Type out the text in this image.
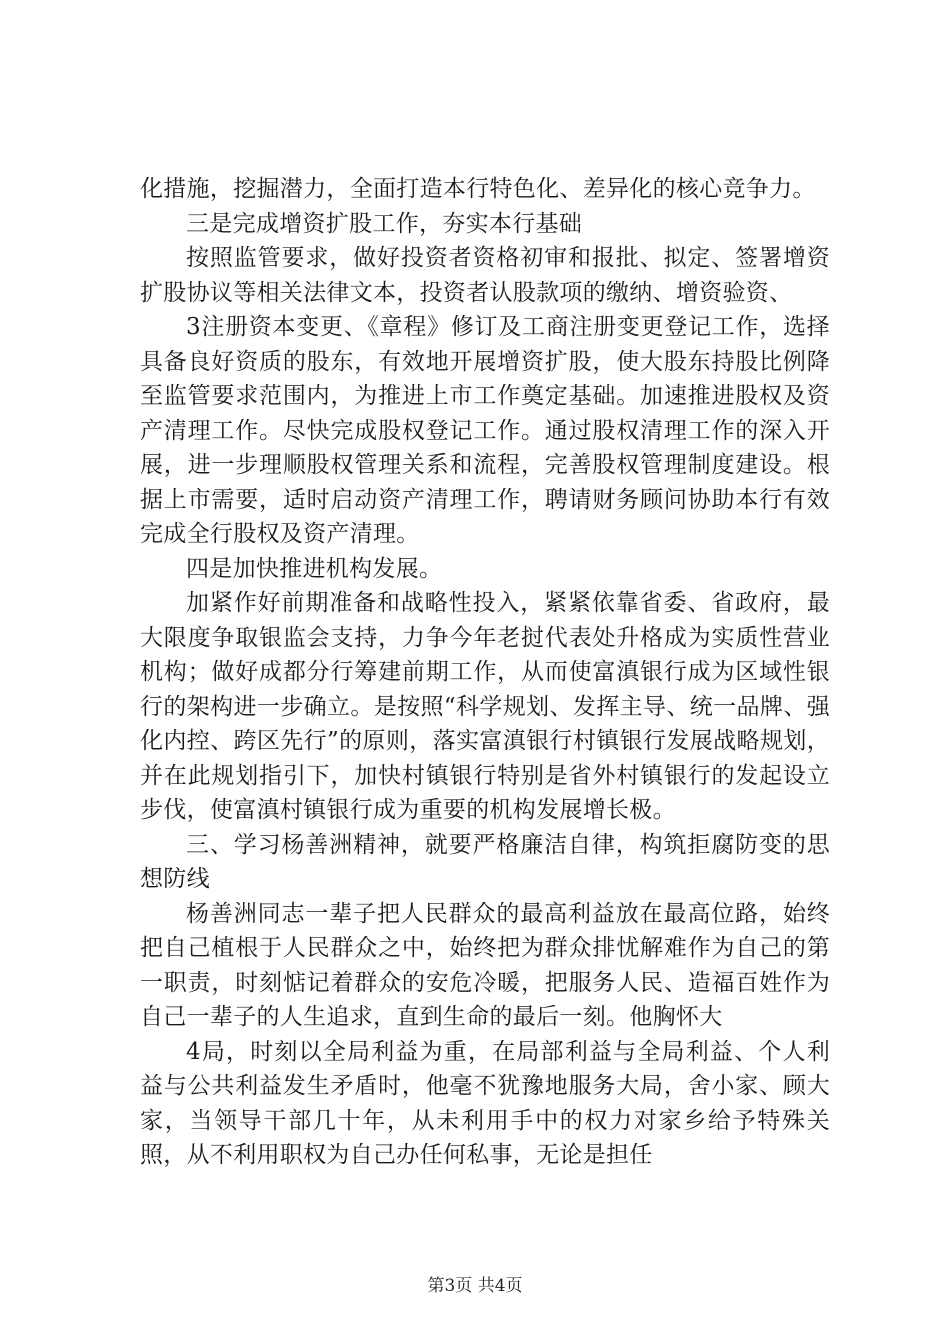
化措施，挖掘潜力，全面打造本行特色化、差异化的核心竞争力。

三是完成增资扩股工作，夯实本行基础

按照监管要求，做好投资者资格初审和报批、拟定、签署增资扩股协议等相关法律文本，投资者认股款项的缴纳、增资验资、

3注册资本变更、《章程》修订及工商注册变更登记工作，选择具备良好资质的股东，有效地开展增资扩股，使大股东持股比例降至监管要求范围内，为推进上市工作奠定基础。加速推进股权及资产清理工作。尽快完成股权登记工作。通过股权清理工作的深入开展，进一步理顺股权管理关系和流程，完善股权管理制度建设。根据上市需要，适时启动资产清理工作，聘请财务顾问协助本行有效完成全行股权及资产清理。

四是加快推进机构发展。

加紧作好前期准备和战略性投入，紧紧依靠省委、省政府，最大限度争取银监会支持，力争今年老挝代表处升格成为实质性营业机构；做好成都分行筹建前期工作，从而使富滇银行成为区域性银行的架构进一步确立。是按照“科学规划、发挥主导、统一品牌、强化内控、跨区先行”的原则，落实富滇银行村镇银行发展战略规划，并在此规划指引下，加快村镇银行特别是省外村镇银行的发起设立步伐，使富滇村镇银行成为重要的机构发展增长极。

三、学习杨善洲精神，就要严格廉洁自律，构筑拒腐防变的思想防线

杨善洲同志一辈子把人民群众的最高利益放在最高位路，始终把自己植根于人民群众之中，始终把为群众排忧解难作为自己的第一职责，时刻惦记着群众的安危冷暖，把服务人民、造福百姓作为自己一辈子的人生追求，直到生命的最后一刻。他胸怀大

4局，时刻以全局利益为重，在局部利益与全局利益、个人利益与公共利益发生矛盾时，他毫不犹豫地服务大局，舍小家、顾大家，当领导干部几十年，从未利用手中的权力对家乡给予特殊关照，从不利用职权为自己办任何私事，无论是担任

第3页 共4页
